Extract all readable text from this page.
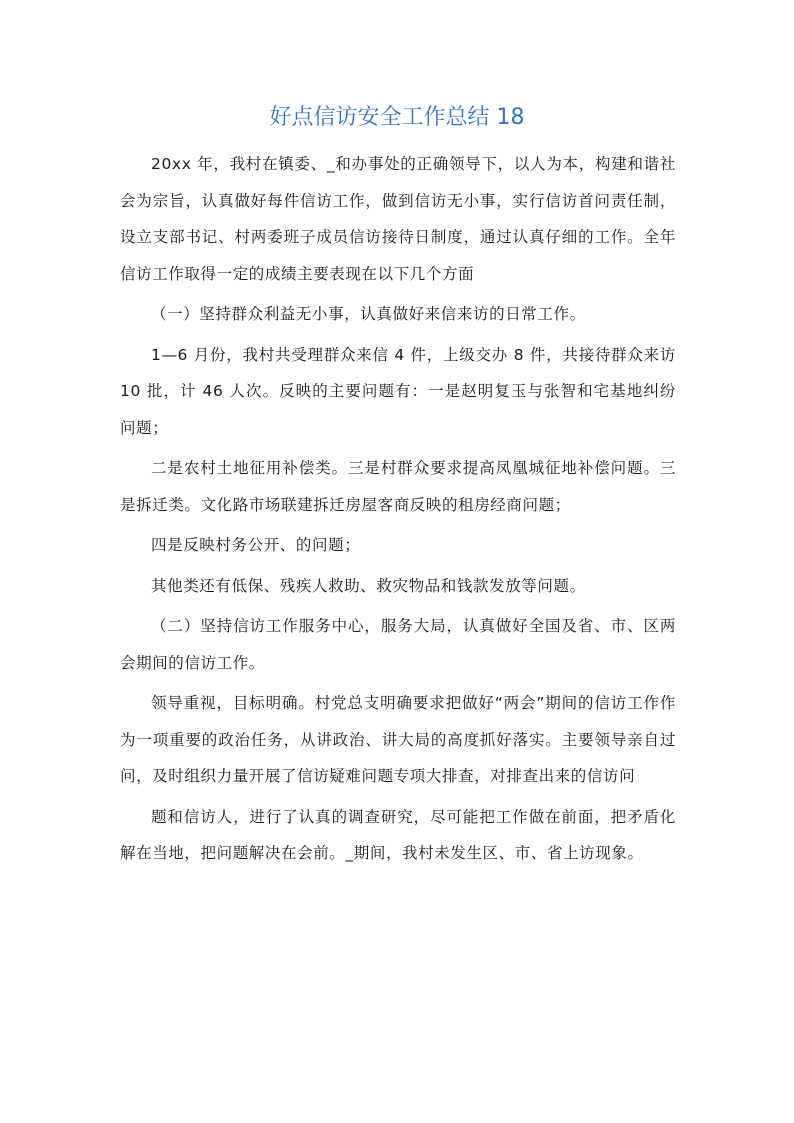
好点信访安全工作总结 18

20xx 年，我村在镇委、_和办事处的正确领导下，以人为本，构建和谐社会为宗旨，认真做好每件信访工作，做到信访无小事，实行信访首问责任制，设立支部书记、村两委班子成员信访接待日制度，通过认真仔细的工作。全年信访工作取得一定的成绩主要表现在以下几个方面

（一）坚持群众利益无小事，认真做好来信来访的日常工作。

1—6 月份，我村共受理群众来信 4 件，上级交办 8 件，共接待群众来访 10 批，计 46 人次。反映的主要问题有：一是赵明复玉与张智和宅基地纠纷问题；

二是农村土地征用补偿类。三是村群众要求提高凤凰城征地补偿问题。三是拆迁类。文化路市场联建拆迁房屋客商反映的租房经商问题；

四是反映村务公开、的问题；

其他类还有低保、残疾人救助、救灾物品和钱款发放等问题。

（二）坚持信访工作服务中心，服务大局，认真做好全国及省、市、区两会期间的信访工作。

领导重视，目标明确。村党总支明确要求把做好“两会”期间的信访工作作为一项重要的政治任务，从讲政治、讲大局的高度抓好落实。主要领导亲自过问，及时组织力量开展了信访疑难问题专项大排查，对排查出来的信访问

题和信访人，进行了认真的调查研究，尽可能把工作做在前面，把矛盾化解在当地，把问题解决在会前。_期间，我村未发生区、市、省上访现象。
